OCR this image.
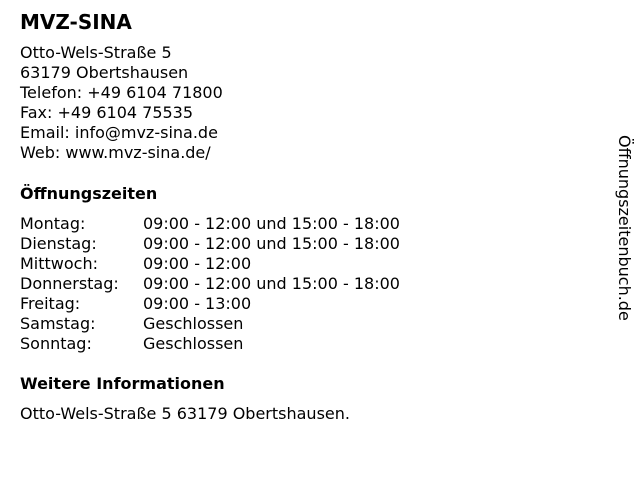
MVZ-SINA
Otto-Wels-Straße 5
63179 Obertshausen
Telefon: +49 6104 71800
Fax: +49 6104 75535
Email: info@mvz-sina.de
Web: www.mvz-sina.de/
Öffnungszeiten
Montag:	09:00 - 12:00 und 15:00 - 18:00
Dienstag:	09:00 - 12:00 und 15:00 - 18:00
Mittwoch:	09:00 - 12:00
Donnerstag: 09:00 - 12:00 und 15:00 - 18:00
Freitag:	09:00 - 13:00
Samstag:	Geschlossen
Sonntag:	Geschlossen
Weitere Informationen
Otto-Wels-Straße 5 63179 Obertshausen.
Öffnungszeitenbuch.de
